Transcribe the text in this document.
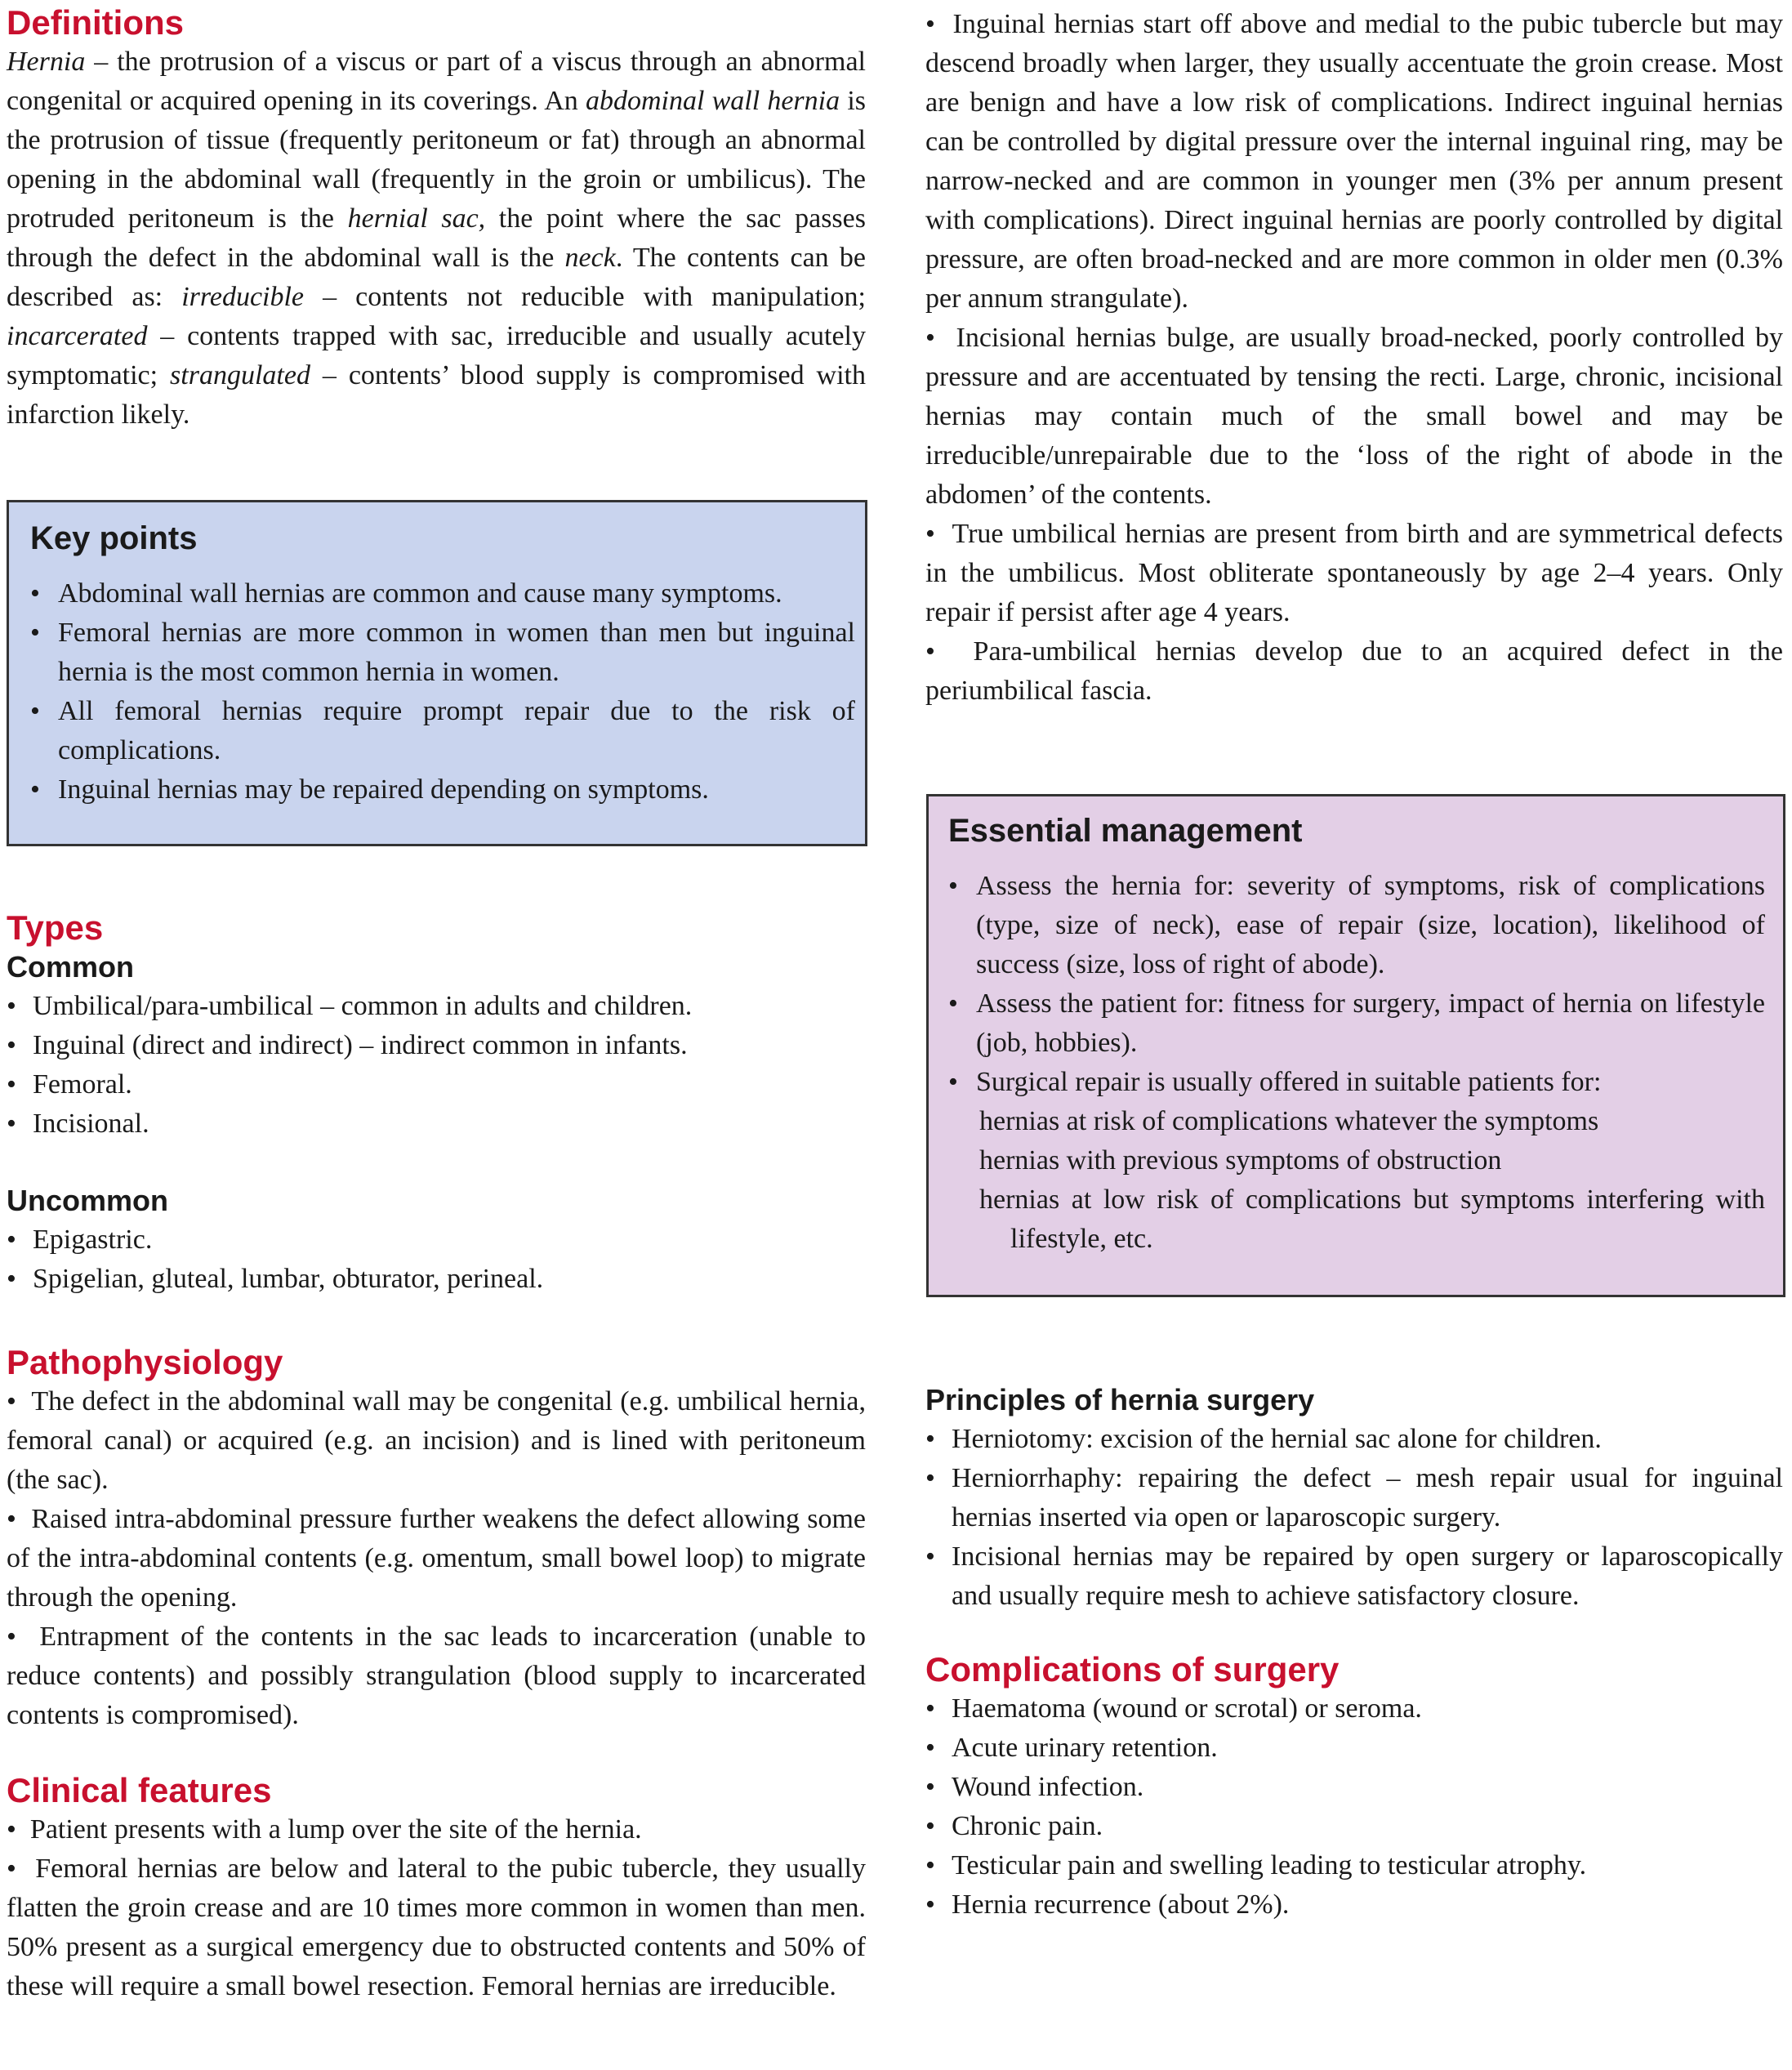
Definitions

Hernia – the protrusion of a viscus or part of a viscus through an abnormal congenital or acquired opening in its coverings. An abdominal wall hernia is the protrusion of tissue (frequently peritoneum or fat) through an abnormal opening in the abdominal wall (frequently in the groin or umbilicus). The protruded peritoneum is the hernial sac, the point where the sac passes through the defect in the abdominal wall is the neck. The contents can be described as: irreducible – contents not reducible with manipulation; incarcerated – contents trapped with sac, irreducible and usually acutely symptomatic; strangulated – contents’ blood supply is compromised with infarction likely.

Key points
• Abdominal wall hernias are common and cause many symptoms.
• Femoral hernias are more common in women than men but inguinal hernia is the most common hernia in women.
• All femoral hernias require prompt repair due to the risk of complications.
• Inguinal hernias may be repaired depending on symptoms.
Types
Common
• Umbilical/para-umbilical – common in adults and children.
• Inguinal (direct and indirect) – indirect common in infants.
• Femoral.
• Incisional.
Uncommon
• Epigastric.
• Spigelian, gluteal, lumbar, obturator, perineal.
Pathophysiology
•  The defect in the abdominal wall may be congenital (e.g. umbilical hernia, femoral canal) or acquired (e.g. an incision) and is lined with peritoneum (the sac).
•  Raised intra-abdominal pressure further weakens the defect allowing some of the intra-abdominal contents (e.g. omentum, small bowel loop) to migrate through the opening.
•  Entrapment of the contents in the sac leads to incarceration (unable to reduce contents) and possibly strangulation (blood supply to incarcerated contents is compromised).
Clinical features
•  Patient presents with a lump over the site of the hernia.
•  Femoral hernias are below and lateral to the pubic tubercle, they usually flatten the groin crease and are 10 times more common in women than men. 50% present as a surgical emergency due to obstructed contents and 50% of these will require a small bowel resection. Femoral hernias are irreducible.
•  Inguinal hernias start off above and medial to the pubic tubercle but may descend broadly when larger, they usually accentuate the groin crease. Most are benign and have a low risk of complications. Indirect inguinal hernias can be controlled by digital pressure over the internal inguinal ring, may be narrow-necked and are common in younger men (3% per annum present with complications). Direct inguinal hernias are poorly controlled by digital pressure, are often broad-necked and are more common in older men (0.3% per annum strangulate).
•  Incisional hernias bulge, are usually broad-necked, poorly controlled by pressure and are accentuated by tensing the recti. Large, chronic, incisional hernias may contain much of the small bowel and may be irreducible/unrepairable due to the ‘loss of the right of abode in the abdomen’ of the contents.
•  True umbilical hernias are present from birth and are symmetrical defects in the umbilicus. Most obliterate spontaneously by age 2–4 years. Only repair if persist after age 4 years.
•  Para-umbilical hernias develop due to an acquired defect in the periumbilical fascia.
Essential management
• Assess the hernia for: severity of symptoms, risk of complications (type, size of neck), ease of repair (size, location), likelihood of success (size, loss of right of abode).
• Assess the patient for: fitness for surgery, impact of hernia on lifestyle (job, hobbies).
• Surgical repair is usually offered in suitable patients for:
hernias at risk of complications whatever the symptoms
hernias with previous symptoms of obstruction
hernias at low risk of complications but symptoms interfering with lifestyle, etc.
Principles of hernia surgery
• Herniotomy: excision of the hernial sac alone for children.
• Herniorrhaphy: repairing the defect – mesh repair usual for inguinal hernias inserted via open or laparoscopic surgery.
• Incisional hernias may be repaired by open surgery or laparoscopically and usually require mesh to achieve satisfactory closure.
Complications of surgery
• Haematoma (wound or scrotal) or seroma.
• Acute urinary retention.
• Wound infection.
• Chronic pain.
• Testicular pain and swelling leading to testicular atrophy.
• Hernia recurrence (about 2%).
